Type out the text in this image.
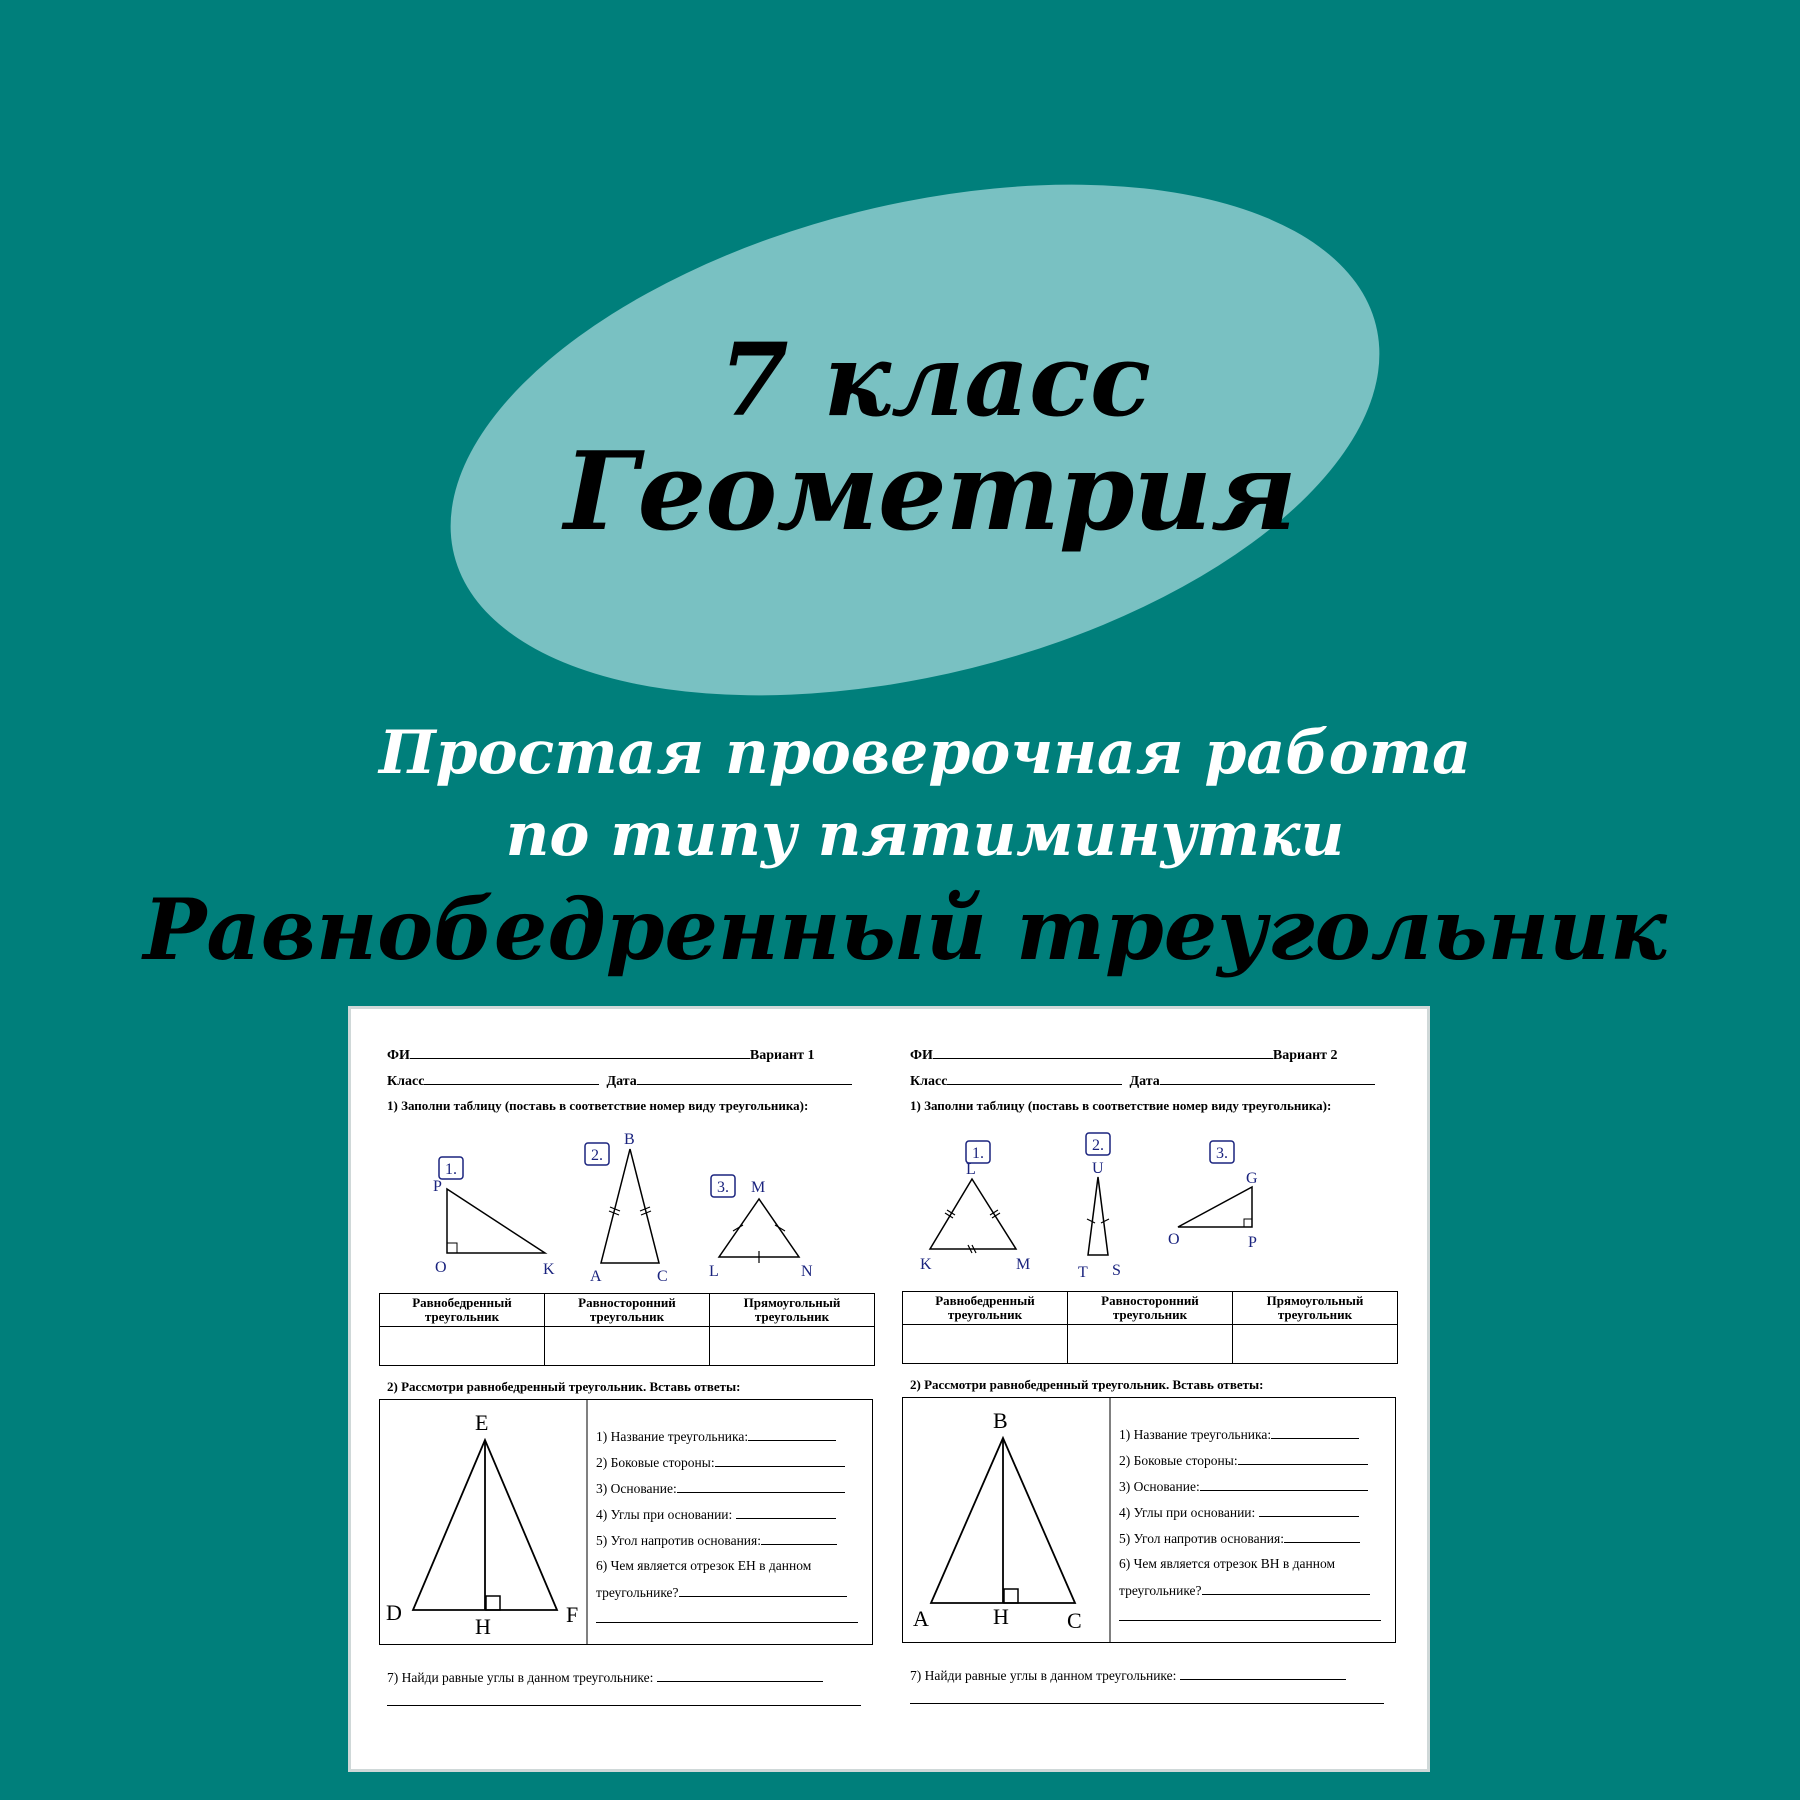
7 класс
Геометрия
Простая проверочная работа
по типу пятиминутки
Равнобедренный треугольник
ФИ	Вариант 1
Класс	Дата
1) Заполни таблицу (поставь в соответствие номер виду треугольника):
1.
P
O	K
2.
B
A	C
3. M
L	N
Равнобедренный треугольник	Равносторонний треугольник	Прямоугольный треугольник

2) Рассмотри равнобедренный треугольник. Вставь ответы:
E
D
H	F
1) Название треугольника:
2) Боковые стороны:
3) Основание:
4) Углы при основании:
5) Угол напротив основания:
6) Чем является отрезок EH в данном
треугольнике?
7) Найди равные углы в данном треугольнике:
ФИ	Вариант 2
Класс	Дата
1) Заполни таблицу (поставь в соответствие номер виду треугольника):
1.
L
K	M
2.
U
T S
3.
G
O	P
Равнобедренный треугольник	Равносторонний треугольник	Прямоугольный треугольник

2) Рассмотри равнобедренный треугольник. Вставь ответы:
B
A	H	C
1) Название треугольника:
2) Боковые стороны:
3) Основание:
4) Углы при основании:
5) Угол напротив основания:
6) Чем является отрезок BH в данном
треугольнике?
7) Найди равные углы в данном треугольнике:
